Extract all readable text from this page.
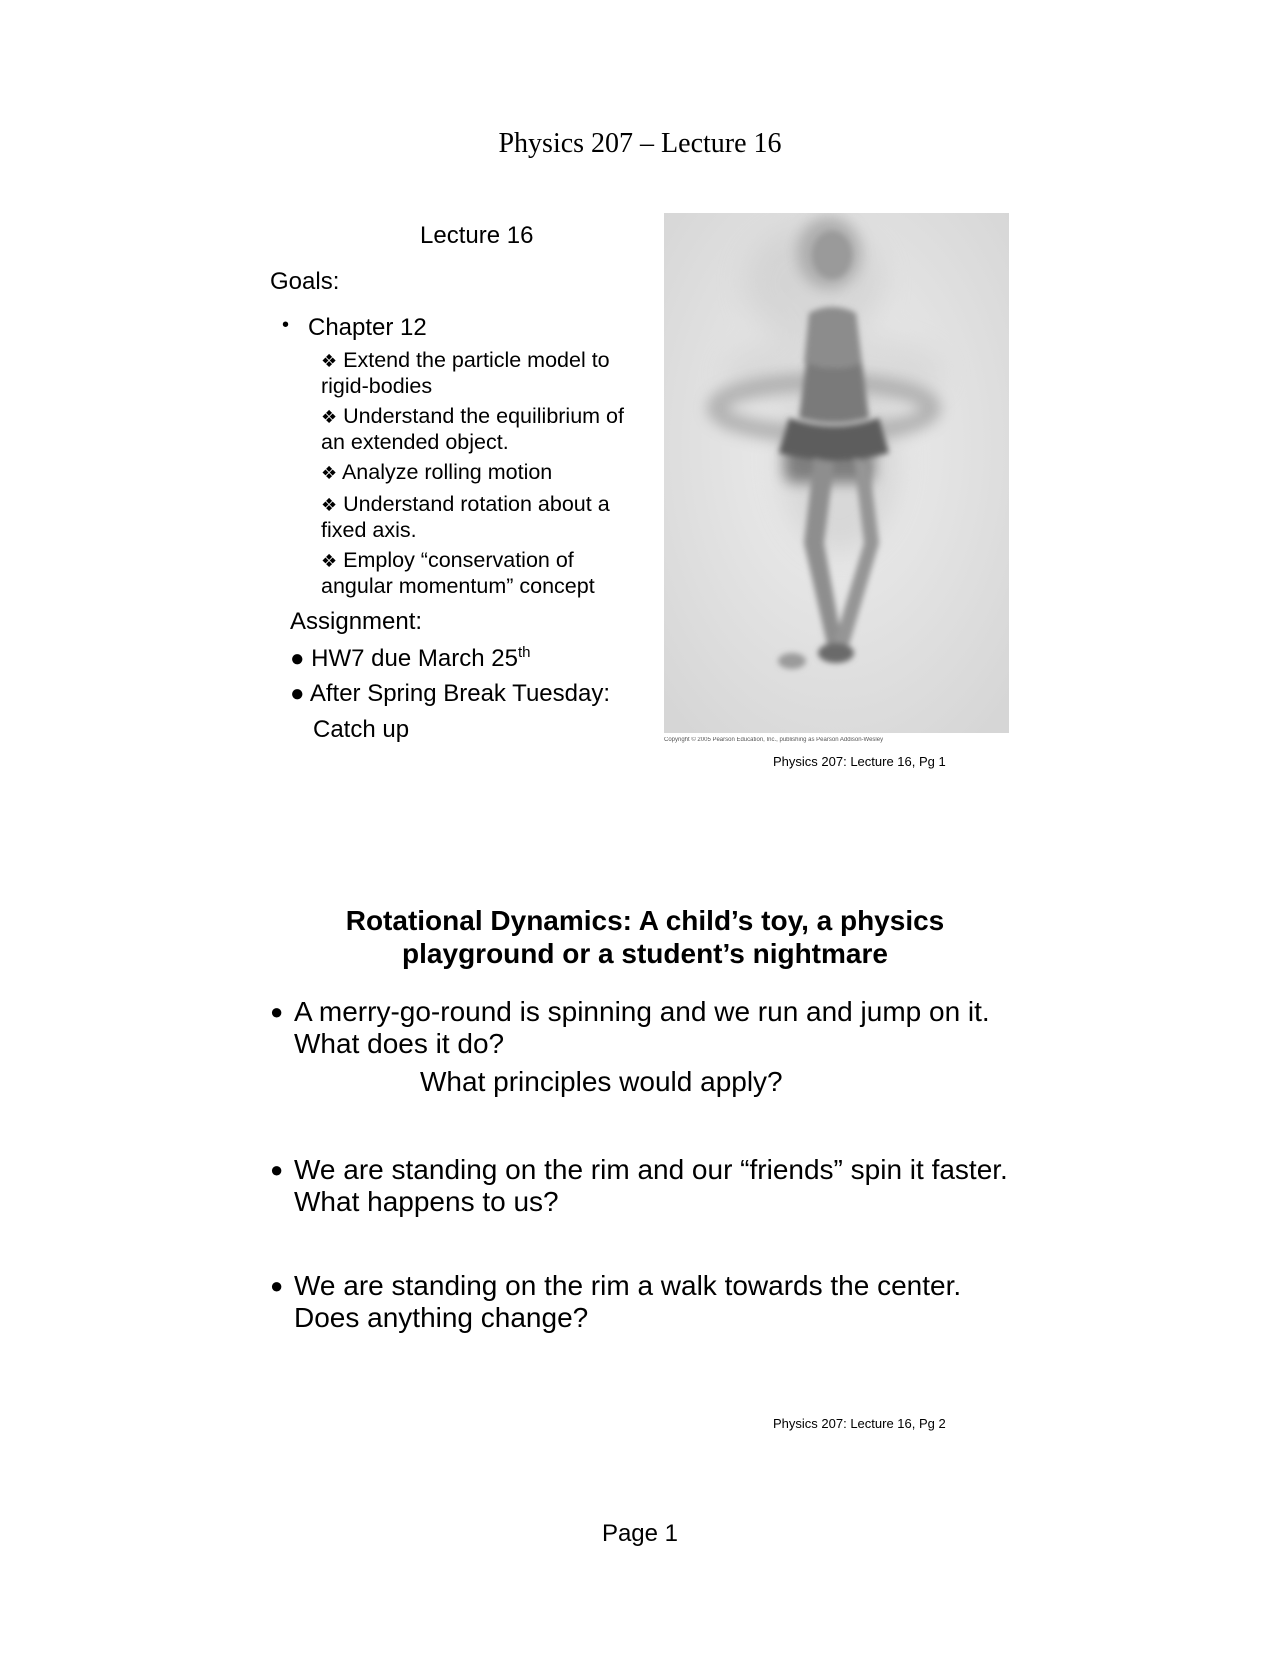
Physics 207 – Lecture 16
Lecture 16
Goals:
• Chapter 12
❖ Extend the particle model to rigid-bodies
❖ Understand the equilibrium of an extended object.
❖ Analyze rolling motion
❖ Understand rotation about a fixed axis.
❖ Employ “conservation of angular momentum” concept
Assignment:
● HW7 due March 25th
● After Spring Break Tuesday:
Catch up	Copyright © 2005 Pearson Education, Inc., publishing as Pearson Addison-Wesley
Physics 207: Lecture 16, Pg 1
Rotational Dynamics: A child’s toy, a physics
playground or a student’s nightmare
● A merry-go-round is spinning and we run and jump on it. What does it do?
What principles would apply?
● We are standing on the rim and our “friends” spin it faster. What happens to us?
● We are standing on the rim a walk towards the center. Does anything change?
Physics 207: Lecture 16, Pg 2
Page 1
